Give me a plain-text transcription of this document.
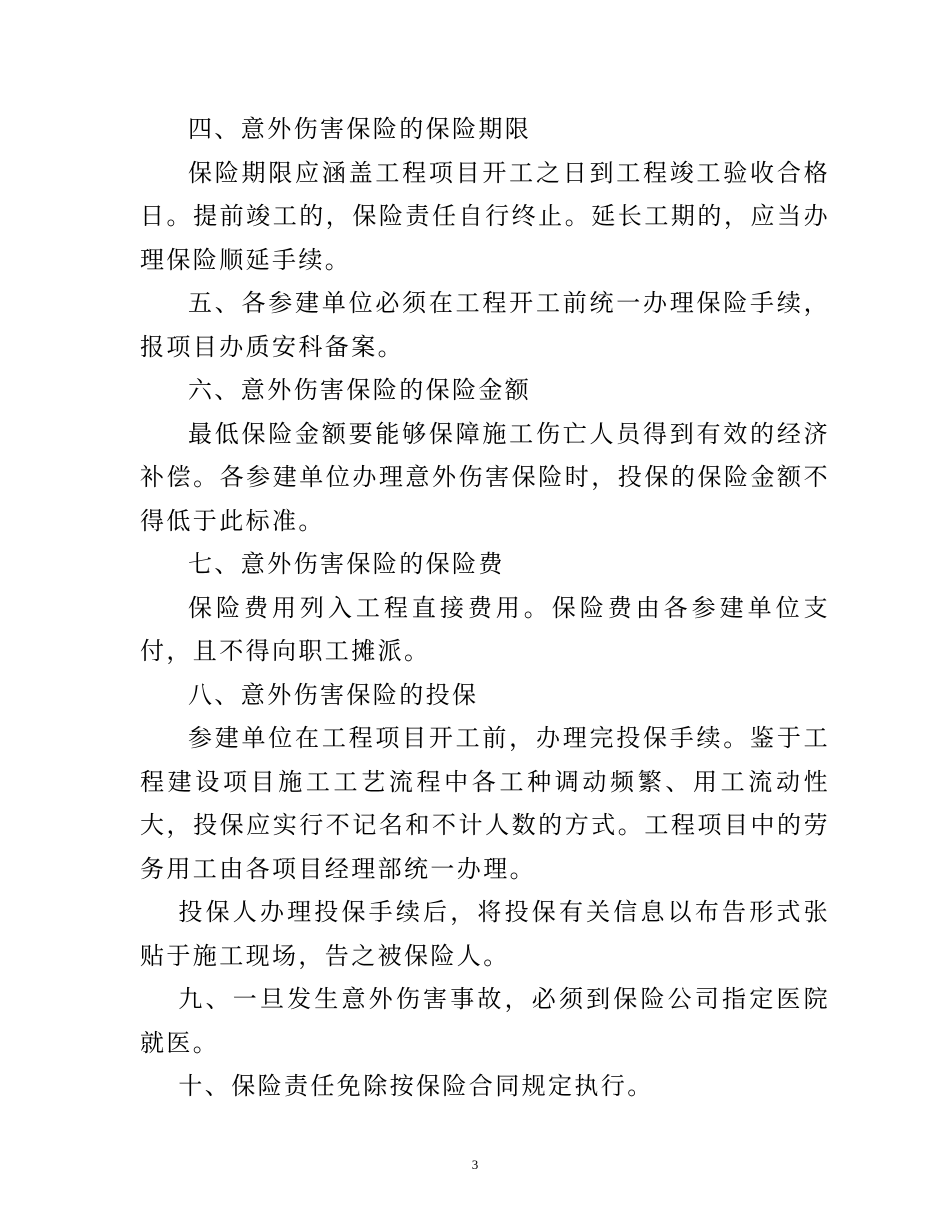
四、意外伤害保险的保险期限

保险期限应涵盖工程项目开工之日到工程竣工验收合格日。提前竣工的，保险责任自行终止。延长工期的，应当办理保险顺延手续。

五、各参建单位必须在工程开工前统一办理保险手续，报项目办质安科备案。

六、意外伤害保险的保险金额

最低保险金额要能够保障施工伤亡人员得到有效的经济补偿。各参建单位办理意外伤害保险时，投保的保险金额不得低于此标准。

七、意外伤害保险的保险费

保险费用列入工程直接费用。保险费由各参建单位支付，且不得向职工摊派。

八、意外伤害保险的投保

参建单位在工程项目开工前，办理完投保手续。鉴于工程建设项目施工工艺流程中各工种调动频繁、用工流动性大，投保应实行不记名和不计人数的方式。工程项目中的劳务用工由各项目经理部统一办理。

投保人办理投保手续后，将投保有关信息以布告形式张贴于施工现场，告之被保险人。

九、一旦发生意外伤害事故，必须到保险公司指定医院就医。

十、保险责任免除按保险合同规定执行。

3
